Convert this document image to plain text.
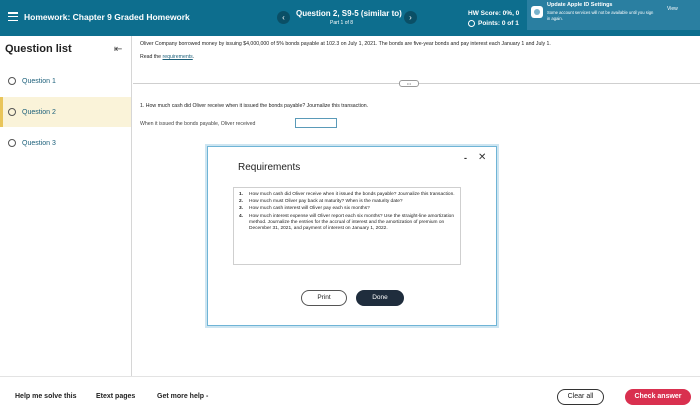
Homework: Chapter 9 Graded Homework	‹	Question 2, S9-5 (similar to)
Part 1 of 8
›	HW Score: 0%, 0
Points: 0 of 1
Update Apple ID Settings
Some account services will not be available until you sign in again.
View
Question list	⇤
Question 1
Question 2
Question 3
Oliver Company borrowed money by issuing $4,000,000 of 5% bonds payable at 102.3 on July 1, 2021. The bonds are five-year bonds and pay interest each January 1 and July 1.
Read the requirements.
•••
1. How much cash did Oliver receive when it issued the bonds payable? Journalize this transaction.
When it issued the bonds payable, Oliver received
Requirements
- ✕
1.	How much cash did Oliver receive when it issued the bonds payable? Journalize this transaction.
2.	How much must Oliver pay back at maturity? When is the maturity date?
3.	How much cash interest will Oliver pay each six months?
4.	How much interest expense will Oliver report each six months? Use the straight-line amortization method. Journalize the entries for the accrual of interest and the amortization of premium on December 31, 2021, and payment of interest on January 1, 2022.
Print	Done
Help me solve this	Etext pages	Get more help -	Clear all	Check answer
